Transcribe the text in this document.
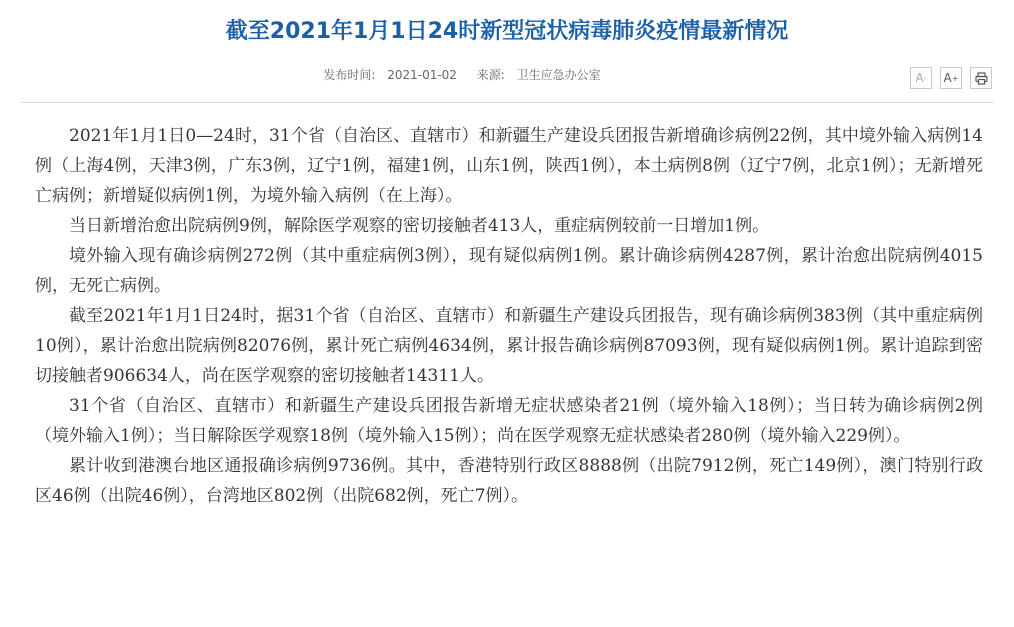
截至2021年1月1日24时新型冠状病毒肺炎疫情最新情况
发布时间: 2021-01-02 来源: 卫生应急办公室	A - A +

2021年1月1日0—24时，31个省（自治区、直辖市）和新疆生产建设兵团报告新增确诊病例22例，其中境外输入病例14例（上海4例，天津3例，广东3例，辽宁1例，福建1例，山东1例，陕西1例），本土病例8例（辽宁7例，北京1例）；无新增死亡病例；新增疑似病例1例，为境外输入病例（在上海）。

当日新增治愈出院病例9例，解除医学观察的密切接触者413人，重症病例较前一日增加1例。

境外输入现有确诊病例272例（其中重症病例3例），现有疑似病例1例。累计确诊病例4287例，累计治愈出院病例4015例，无死亡病例。

截至2021年1月1日24时，据31个省（自治区、直辖市）和新疆生产建设兵团报告，现有确诊病例383例（其中重症病例10例），累计治愈出院病例82076例，累计死亡病例4634例，累计报告确诊病例87093例，现有疑似病例1例。累计追踪到密切接触者906634人，尚在医学观察的密切接触者14311人。

31个省（自治区、直辖市）和新疆生产建设兵团报告新增无症状感染者21例（境外输入18例）；当日转为确诊病例2例（境外输入1例）；当日解除医学观察18例（境外输入15例）；尚在医学观察无症状感染者280例（境外输入229例）。

累计收到港澳台地区通报确诊病例9736例。其中，香港特别行政区8888例（出院7912例，死亡149例），澳门特别行政区46例（出院46例），台湾地区802例（出院682例，死亡7例）。
